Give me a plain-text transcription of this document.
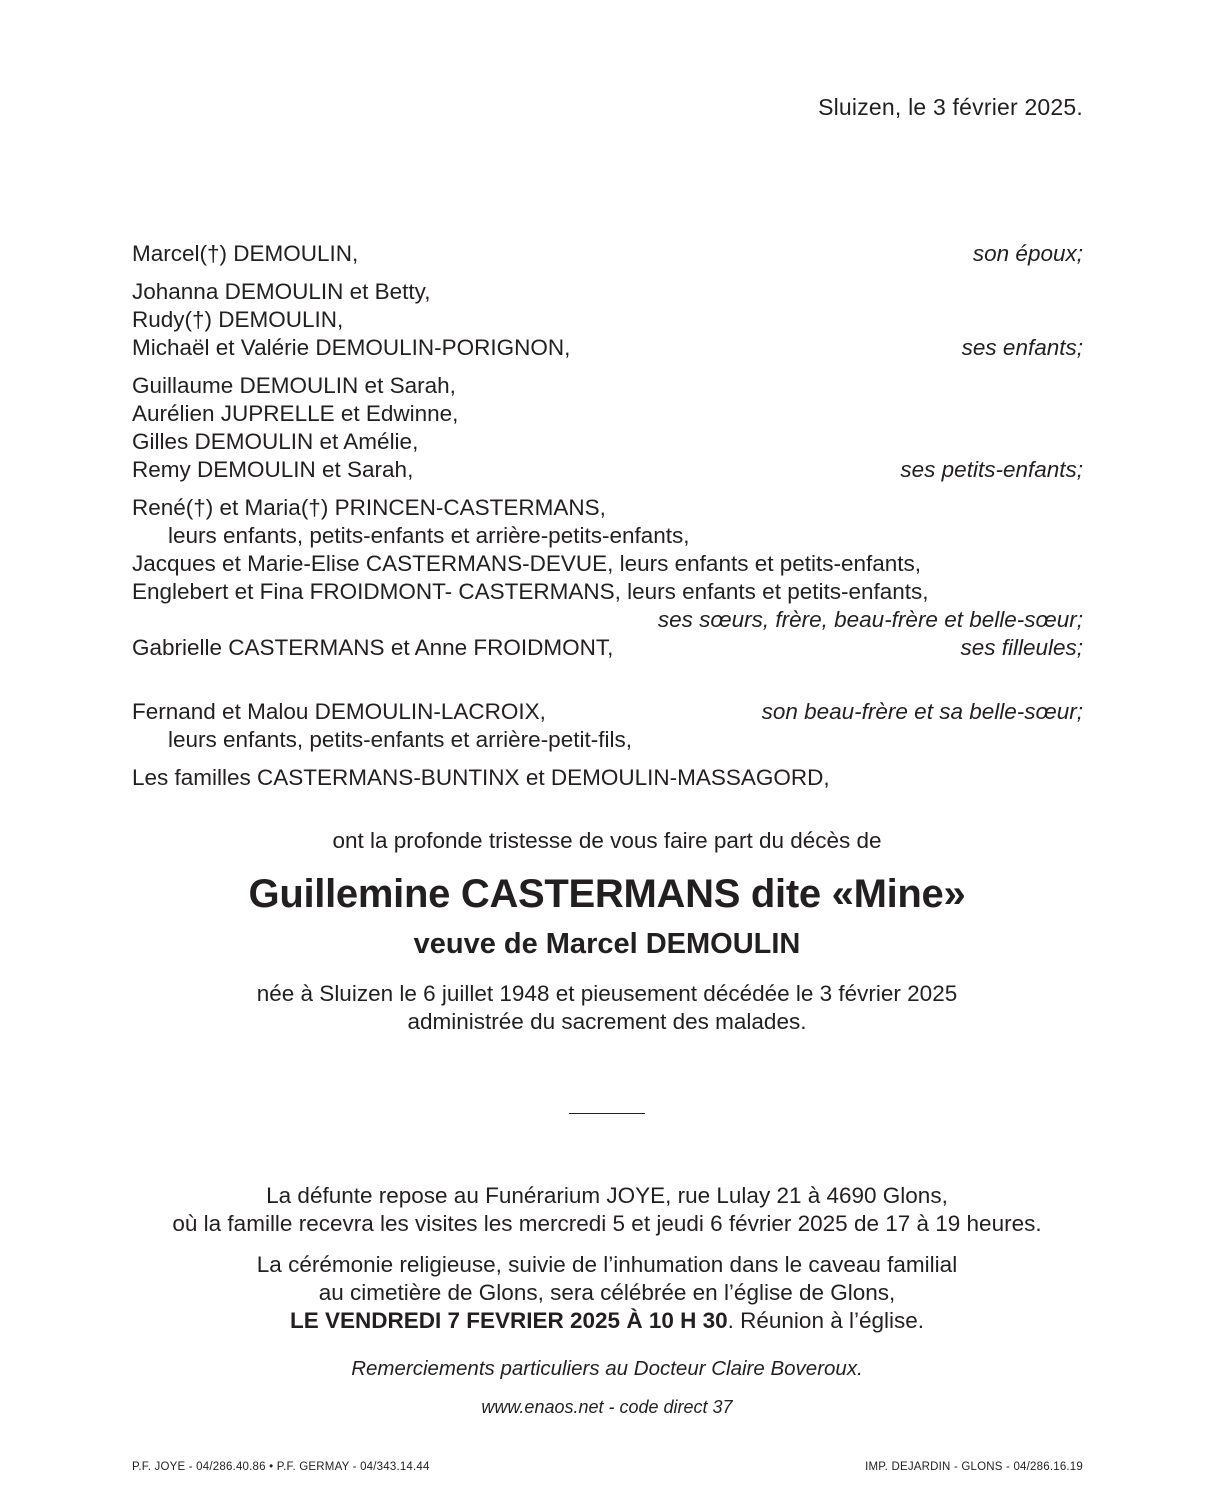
Sluizen, le 3 février 2025.
Marcel(†) DEMOULIN,	son époux;
Johanna DEMOULIN et Betty,
Rudy(†) DEMOULIN,
Michaël et Valérie DEMOULIN-PORIGNON,	ses enfants;
Guillaume DEMOULIN et Sarah,
Aurélien JUPRELLE et Edwinne,
Gilles DEMOULIN et Amélie,
Remy DEMOULIN et Sarah,	ses petits-enfants;
René(†) et Maria(†) PRINCEN-CASTERMANS,
leurs enfants, petits-enfants et arrière-petits-enfants,
Jacques et Marie-Elise CASTERMANS-DEVUE, leurs enfants et petits-enfants,
Englebert et Fina FROIDMONT- CASTERMANS, leurs enfants et petits-enfants,
ses sœurs, frère, beau-frère et belle-sœur;
Gabrielle CASTERMANS et Anne FROIDMONT,	ses filleules;
Fernand et Malou DEMOULIN-LACROIX,	son beau-frère et sa belle-sœur;
leurs enfants, petits-enfants et arrière-petit-fils,
Les familles CASTERMANS-BUNTINX et DEMOULIN-MASSAGORD,
ont la profonde tristesse de vous faire part du décès de
Guillemine CASTERMANS dite «Mine»
veuve de Marcel DEMOULIN
née à Sluizen le 6 juillet 1948 et pieusement décédée le 3 février 2025
administrée du sacrement des malades.
La défunte repose au Funérarium JOYE, rue Lulay 21 à 4690 Glons,
où la famille recevra les visites les mercredi 5 et jeudi 6 février 2025 de 17 à 19 heures.
La cérémonie religieuse, suivie de l’inhumation dans le caveau familial
au cimetière de Glons, sera célébrée en l’église de Glons,
LE VENDREDI 7 FEVRIER 2025 À 10 H 30. Réunion à l’église.
Remerciements particuliers au Docteur Claire Boveroux.
www.enaos.net - code direct 37
P.F. JOYE - 04/286.40.86 • P.F. GERMAY - 04/343.14.44	IMP. DEJARDIN - GLONS - 04/286.16.19
